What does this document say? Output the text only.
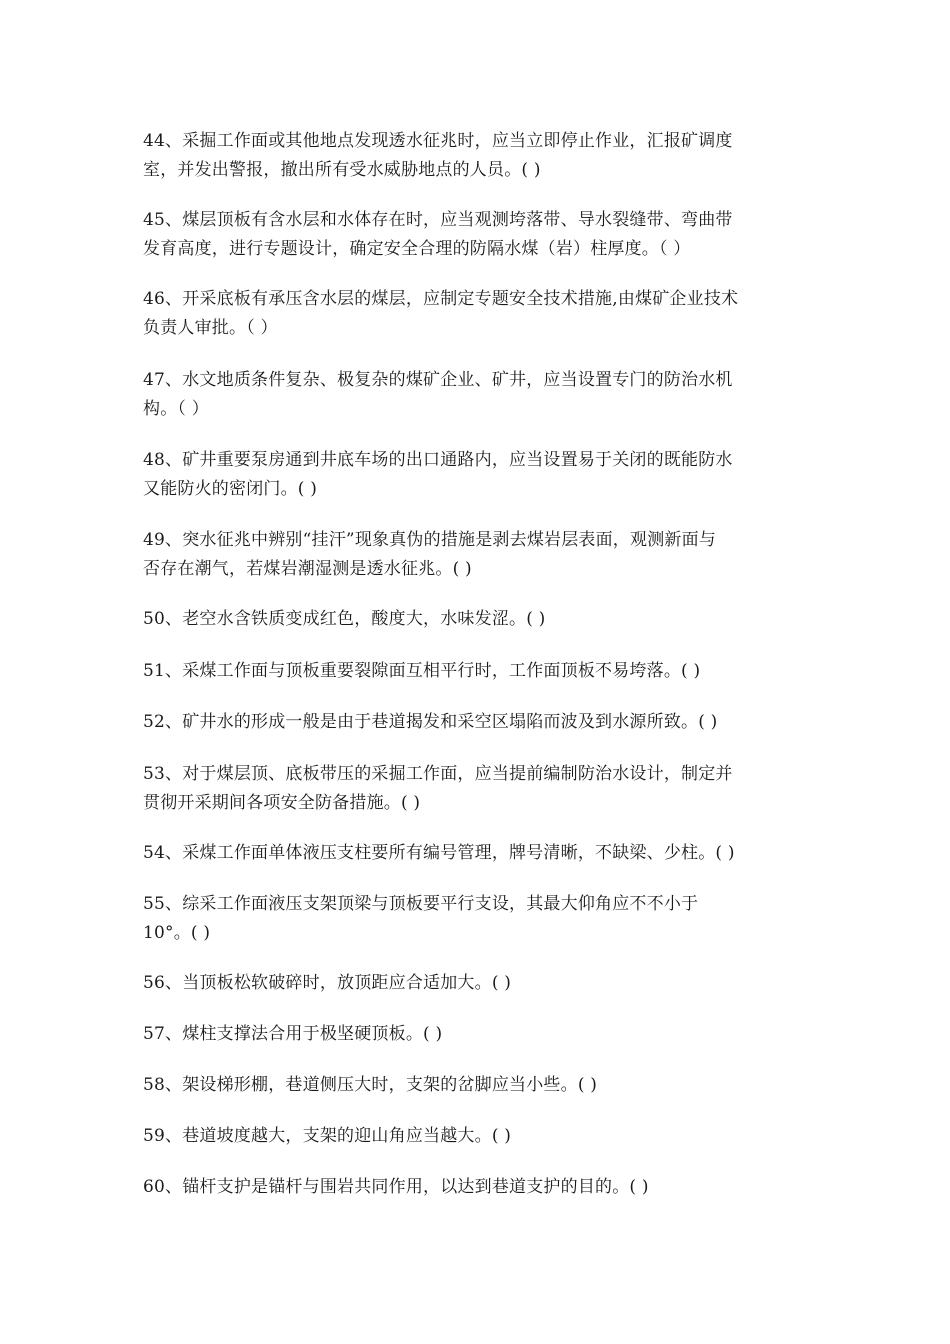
44、采掘工作面或其他地点发现透水征兆时，应当立即停止作业，汇报矿调度
室，并发出警报，撤出所有受水威胁地点的人员。( )

45、煤层顶板有含水层和水体存在时，应当观测垮落带、导水裂缝带、弯曲带
发育高度，进行专题设计，确定安全合理的防隔水煤（岩）柱厚度。（ ）

46、开采底板有承压含水层的煤层，应制定专题安全技术措施,由煤矿企业技术
负责人审批。（ ）

47、水文地质条件复杂、极复杂的煤矿企业、矿井，应当设置专门的防治水机
构。（ ）

48、矿井重要泵房通到井底车场的出口通路内，应当设置易于关闭的既能防水
又能防火的密闭门。( )

49、突水征兆中辨别“挂汗”现象真伪的措施是剥去煤岩层表面，观测新面与
否存在潮气，若煤岩潮湿测是透水征兆。( )

50、老空水含铁质变成红色，酸度大，水味发涩。( )

51、采煤工作面与顶板重要裂隙面互相平行时，工作面顶板不易垮落。( )

52、矿井水的形成一般是由于巷道揭发和采空区塌陷而波及到水源所致。( )

53、对于煤层顶、底板带压的采掘工作面，应当提前编制防治水设计，制定并
贯彻开采期间各项安全防备措施。( )

54、采煤工作面单体液压支柱要所有编号管理，牌号清晰，不缺梁、少柱。( )

55、综采工作面液压支架顶梁与顶板要平行支设，其最大仰角应不不小于
10°。( )

56、当顶板松软破碎时，放顶距应合适加大。( )

57、煤柱支撑法合用于极坚硬顶板。( )

58、架设梯形棚，巷道侧压大时，支架的岔脚应当小些。( )

59、巷道坡度越大，支架的迎山角应当越大。( )

60、锚杆支护是锚杆与围岩共同作用，以达到巷道支护的目的。( )
